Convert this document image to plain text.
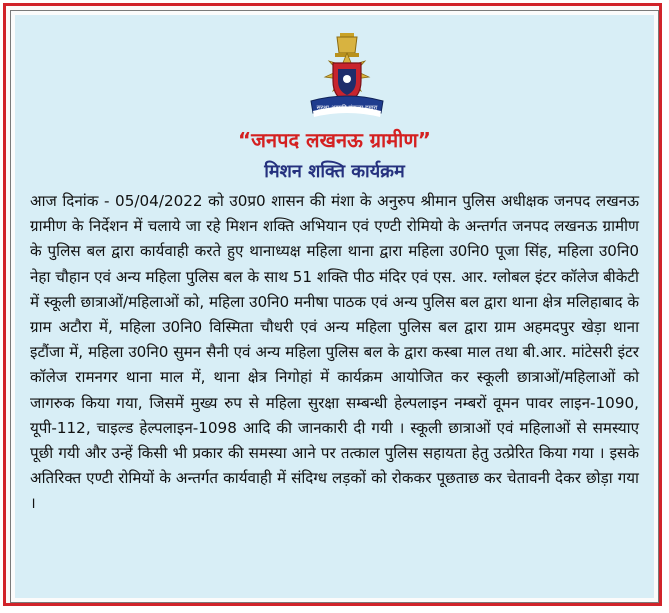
सुरक्षा आपकी संकल्प हमारा
“जनपद लखनऊ ग्रामीण”
मिशन शक्ति कार्यक्रम

आज दिनांक - 05/04/2022 को उ0प्र0 शासन की मंशा के अनुरुप श्रीमान पुलिस अधीक्षक जनपद लखनऊ ग्रामीण के निर्देशन में चलाये जा रहे मिशन शक्ति अभियान एवं एण्टी रोमियो के अन्तर्गत जनपद लखनऊ ग्रामीण के पुलिस बल द्वारा कार्यवाही करते हुए थानाध्यक्ष महिला थाना द्वारा महिला उ0नि0 पूजा सिंह, महिला उ0नि0 नेहा चौहान एवं अन्य महिला पुलिस बल के साथ 51 शक्ति पीठ मंदिर एवं एस. आर. ग्लोबल इंटर कॉलेज बीकेटी में स्कूली छात्राओं/महिलाओं को, महिला उ0नि0 मनीषा पाठक एवं अन्य पुलिस बल द्वारा थाना क्षेत्र मलिहाबाद के ग्राम अटौरा में, महिला उ0नि0 विस्मिता चौधरी एवं अन्य महिला पुलिस बल द्वारा ग्राम अहमदपुर खेड़ा थाना इटौंजा में, महिला उ0नि0 सुमन सैनी एवं अन्य महिला पुलिस बल के द्वारा कस्बा माल तथा बी.आर. मांटेसरी इंटर कॉलेज रामनगर थाना माल में, थाना क्षेत्र निगोहां में कार्यक्रम आयोजित कर स्कूली छात्राओं/महिलाओं को जागरुक किया गया, जिसमें मुख्य रुप से महिला सुरक्षा सम्बन्धी हेल्पलाइन नम्बरों वूमन पावर लाइन-1090, यूपी-112, चाइल्ड हेल्पलाइन-1098 आदि की जानकारी दी गयी । स्कूली छात्राओं एवं महिलाओं से समस्याए पूछी गयी और उन्हें किसी भी प्रकार की समस्या आने पर तत्काल पुलिस सहायता हेतु उत्प्रेरित किया गया । इसके अतिरिक्त एण्टी रोमियों के अन्तर्गत कार्यवाही में संदिग्ध लड़कों को रोककर पूछताछ कर चेतावनी देकर छोड़ा गया ।
